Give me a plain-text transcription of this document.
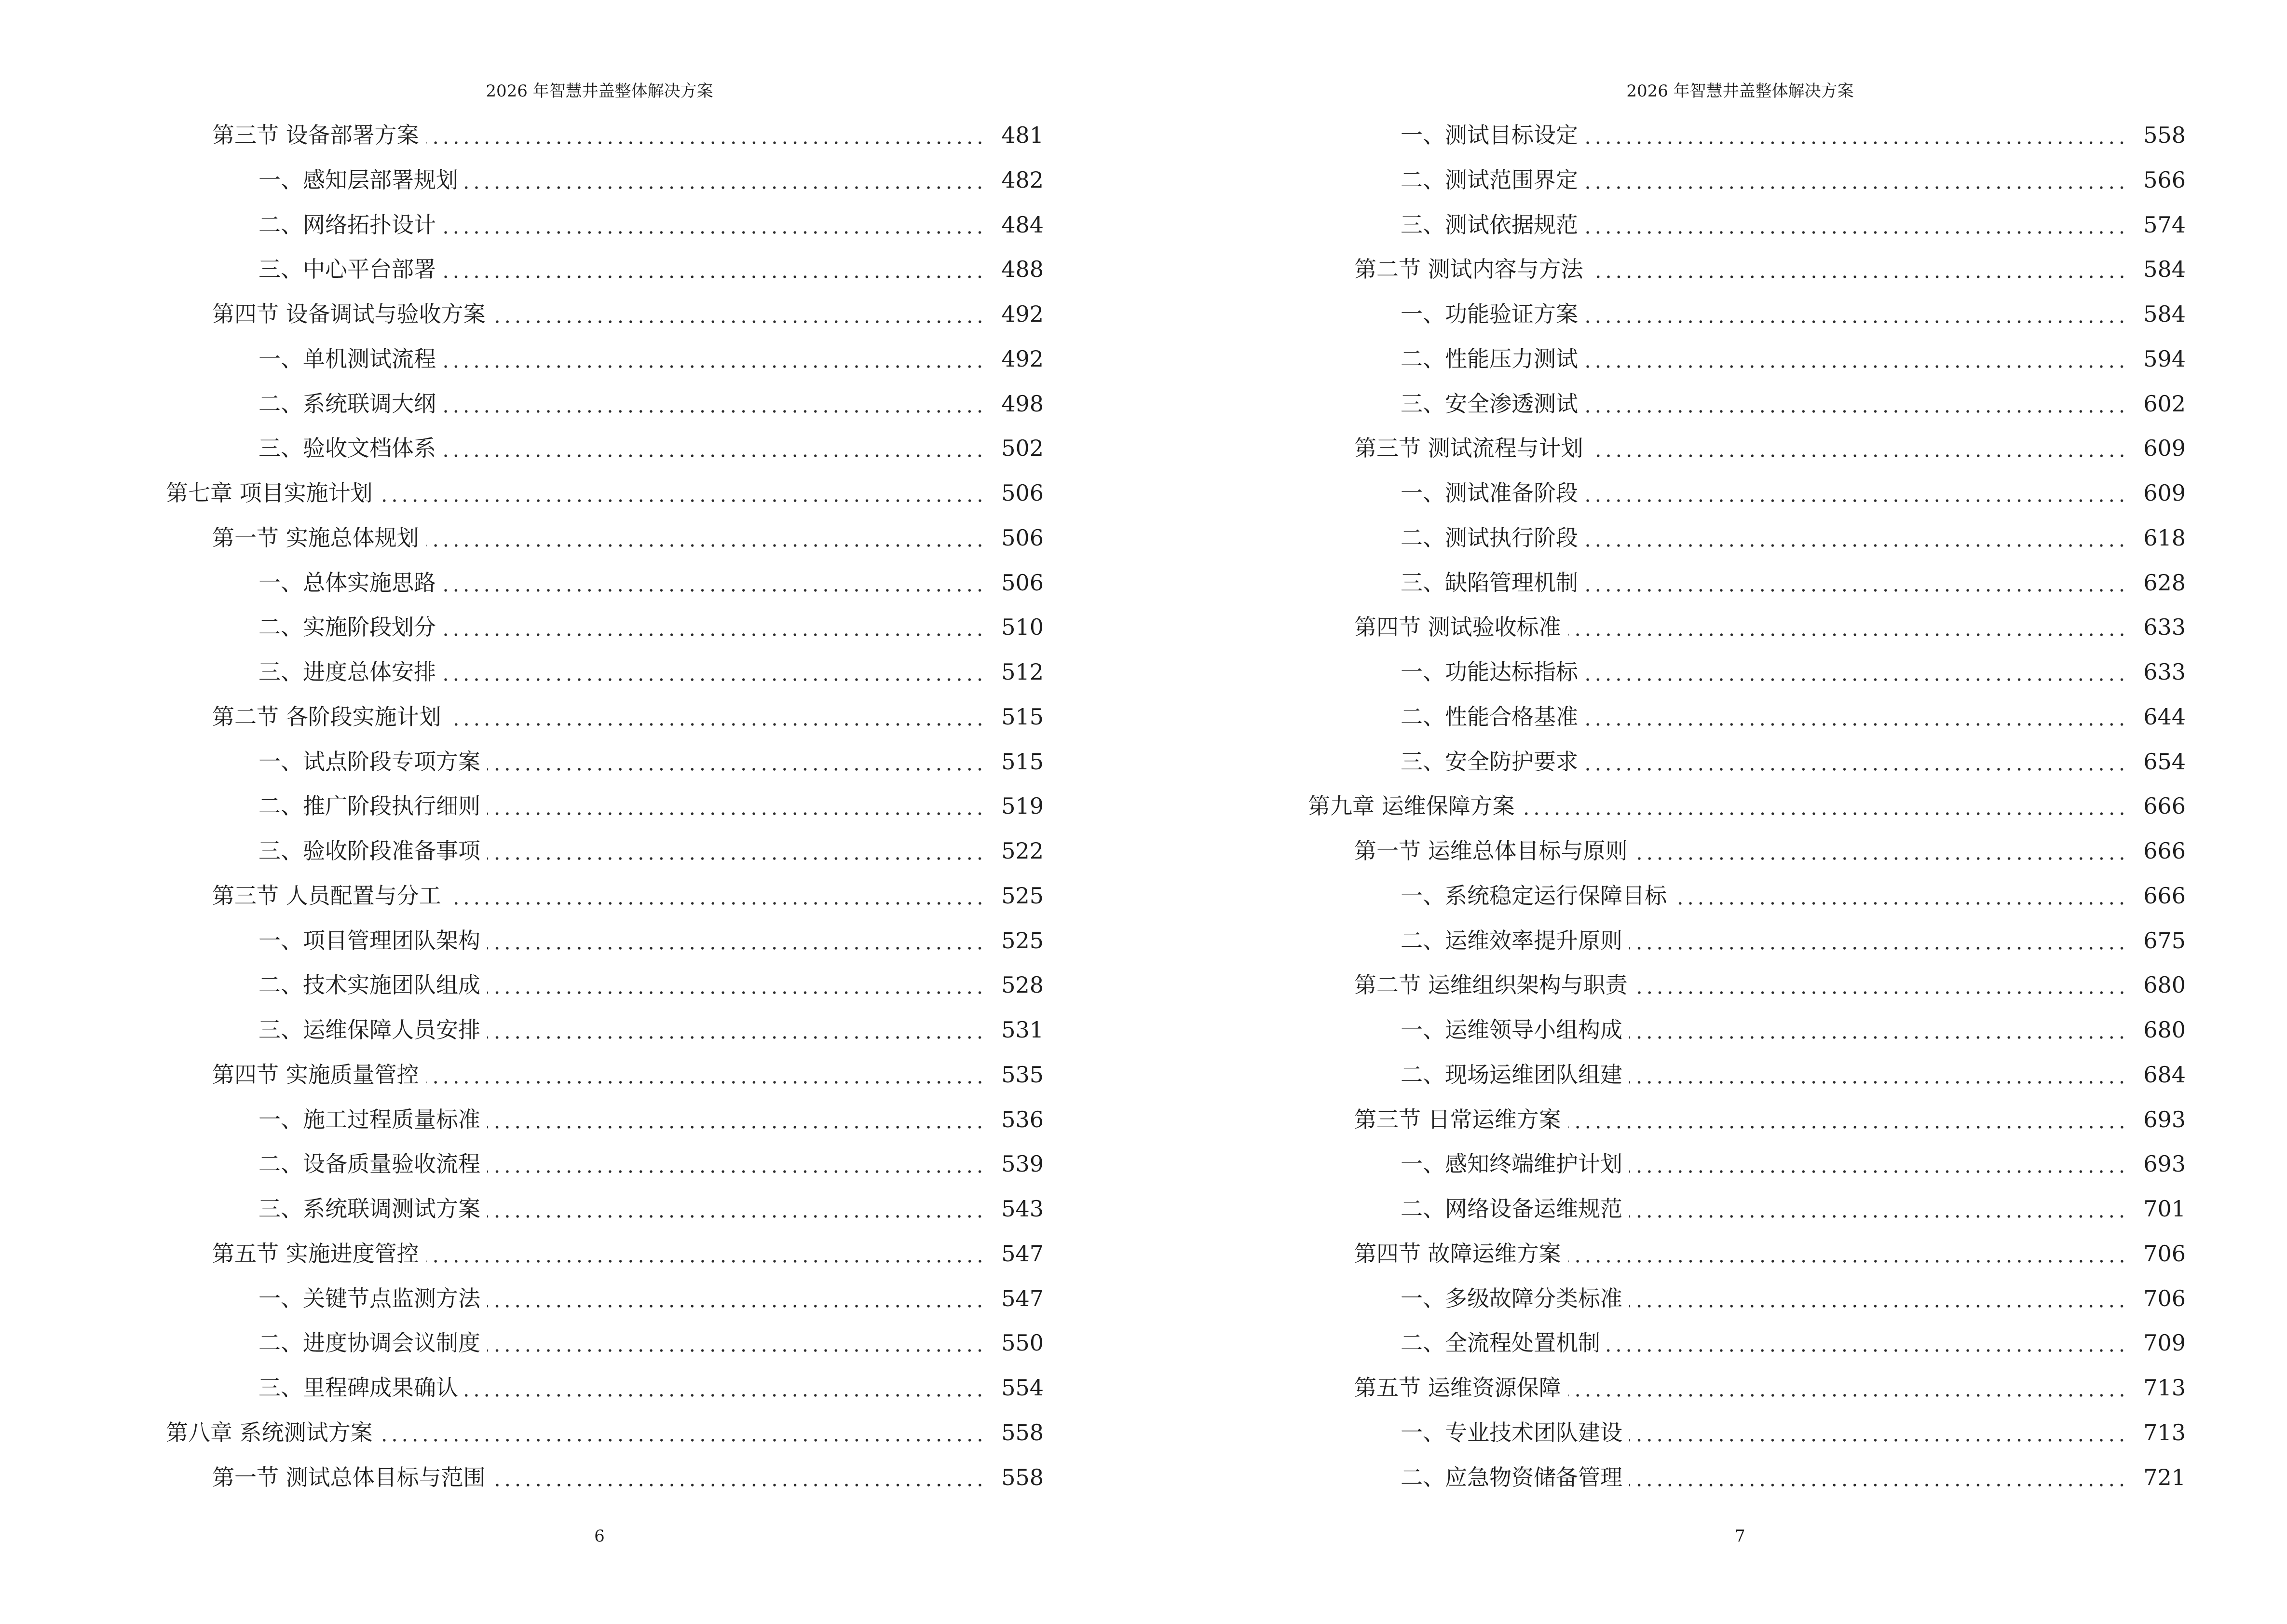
2026 年智慧井盖整体解决方案
第三节 设备部署方案	481
一、感知层部署规划	482
二、网络拓扑设计	484
三、中心平台部署	488
第四节 设备调试与验收方案	492
一、单机测试流程	492
二、系统联调大纲	498
三、验收文档体系	502
第七章 项目实施计划	506
第一节 实施总体规划	506
一、总体实施思路	506
二、实施阶段划分	510
三、进度总体安排	512
第二节 各阶段实施计划	515
一、试点阶段专项方案	515
二、推广阶段执行细则	519
三、验收阶段准备事项	522
第三节 人员配置与分工	525
一、项目管理团队架构	525
二、技术实施团队组成	528
三、运维保障人员安排	531
第四节 实施质量管控	535
一、施工过程质量标准	536
二、设备质量验收流程	539
三、系统联调测试方案	543
第五节 实施进度管控	547
一、关键节点监测方法	547
二、进度协调会议制度	550
三、里程碑成果确认	554
第八章 系统测试方案	558
第一节 测试总体目标与范围	558
6
2026 年智慧井盖整体解决方案
一、测试目标设定	558
二、测试范围界定	566
三、测试依据规范	574
第二节 测试内容与方法	584
一、功能验证方案	584
二、性能压力测试	594
三、安全渗透测试	602
第三节 测试流程与计划	609
一、测试准备阶段	609
二、测试执行阶段	618
三、缺陷管理机制	628
第四节 测试验收标准	633
一、功能达标指标	633
二、性能合格基准	644
三、安全防护要求	654
第九章 运维保障方案	666
第一节 运维总体目标与原则	666
一、系统稳定运行保障目标	666
二、运维效率提升原则	675
第二节 运维组织架构与职责	680
一、运维领导小组构成	680
二、现场运维团队组建	684
第三节 日常运维方案	693
一、感知终端维护计划	693
二、网络设备运维规范	701
第四节 故障运维方案	706
一、多级故障分类标准	706
二、全流程处置机制	709
第五节 运维资源保障	713
一、专业技术团队建设	713
二、应急物资储备管理	721
7
